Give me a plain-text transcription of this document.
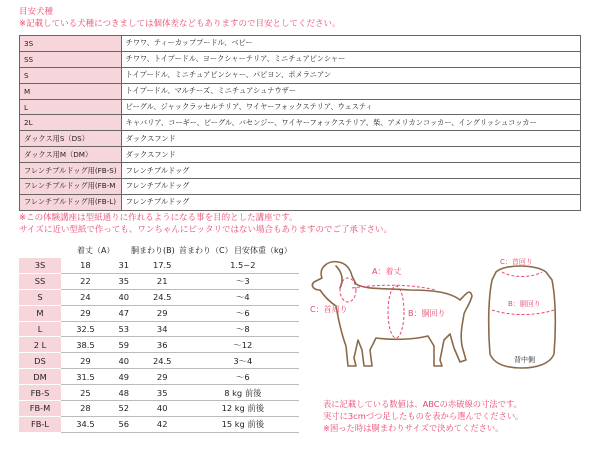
目安犬種
※記載している犬種につきましては個体差などもありますので目安としてください。
3S	チワワ、ティーカッププードル、ベビー
SS	チワワ、トイプードル、ヨークシャーテリア、ミニチュアピンシャー
S	トイプードル、ミニチュアピンシャー、パピヨン、ポメラニアン
M	トイプードル、マルチーズ、ミニチュアシュナウザー
L	ビーグル、ジャックラッセルテリア、ワイヤーフォックステリア、ウェスティ
2L	キャバリア、コーギー、ビーグル、バセンジー、ワイヤーフォックステリア、柴、アメリカンコッカー、イングリッシュコッカー
ダックス用S（DS）	ダックスフンド
ダックス用M（DM）	ダックスフンド
フレンチブルドッグ用(FB-S)	フレンチブルドッグ
フレンチブルドッグ用(FB-M	フレンチブルドッグ
フレンチブルドッグ用(FB-L)	フレンチブルドッグ
※この体験講座は型紙通りに作れるようになる事を目的とした講座です。
サイズに近い型紙で作っても、ワンちゃんにピッタリではない場合もありますのでご了承下さい。
着丈（A） 胴まわり(B) 首まわり（C） 目安体重（kg）
3S	18	31	17.5	1.5~2
SS	22	35	21	～3
S	24	40	24.5	～4
M	29	47	29	～6
L	32.5	53	34	～8
2 L	38.5	59	36	～12
DS	29	40	24.5	3～4
DM	31.5	49	29	～6
FB-S	25	48	35	8 kg 前後
FB-M	28	52	40	12 kg 前後
FB-L	34.5	56	42	15 kg 前後
A：着丈
B：胴回り
C：首周り
C：首回り
B：胴回り
背中側
表に記載している数値は、ABCの赤破線の寸法です。
実寸に3cmづつ足したものを表から選んでください。
※困った時は胴まわりサイズで決めてください。
